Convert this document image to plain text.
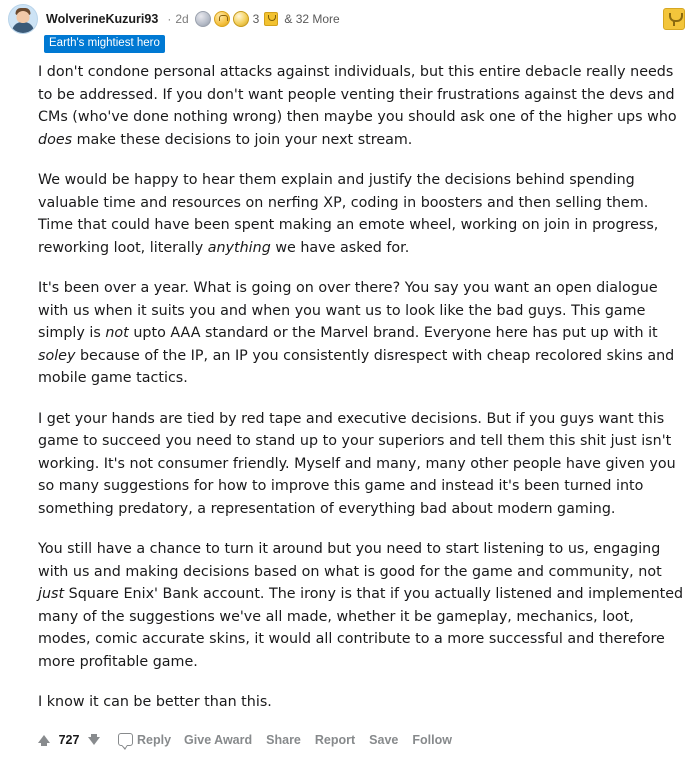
WolverineKuzuri93 · 2d	3 & 32 More
Earth's mightiest hero

I don't condone personal attacks against individuals, but this entire debacle really needs to be addressed. If you don't want people venting their frustrations against the devs and CMs (who've done nothing wrong) then maybe you should ask one of the higher ups who does make these decisions to join your next stream.

We would be happy to hear them explain and justify the decisions behind spending valuable time and resources on nerfing XP, coding in boosters and then selling them. Time that could have been spent making an emote wheel, working on join in progress, reworking loot, literally anything we have asked for.

It's been over a year. What is going on over there? You say you want an open dialogue with us when it suits you and when you want us to look like the bad guys. This game simply is not upto AAA standard or the Marvel brand. Everyone here has put up with it soley because of the IP, an IP you consistently disrespect with cheap recolored skins and mobile game tactics.

I get your hands are tied by red tape and executive decisions. But if you guys want this game to succeed you need to stand up to your superiors and tell them this shit just isn't working. It's not consumer friendly. Myself and many, many other people have given you so many suggestions for how to improve this game and instead it's been turned into something predatory, a representation of everything bad about modern gaming.

You still have a chance to turn it around but you need to start listening to us, engaging with us and making decisions based on what is good for the game and community, not just Square Enix' Bank account. The irony is that if you actually listened and implemented many of the suggestions we've all made, whether it be gameplay, mechanics, loot, modes, comic accurate skins, it would all contribute to a more successful and therefore more profitable game.

I know it can be better than this.

727	Reply	Give Award	Share	Report	Save	Follow
